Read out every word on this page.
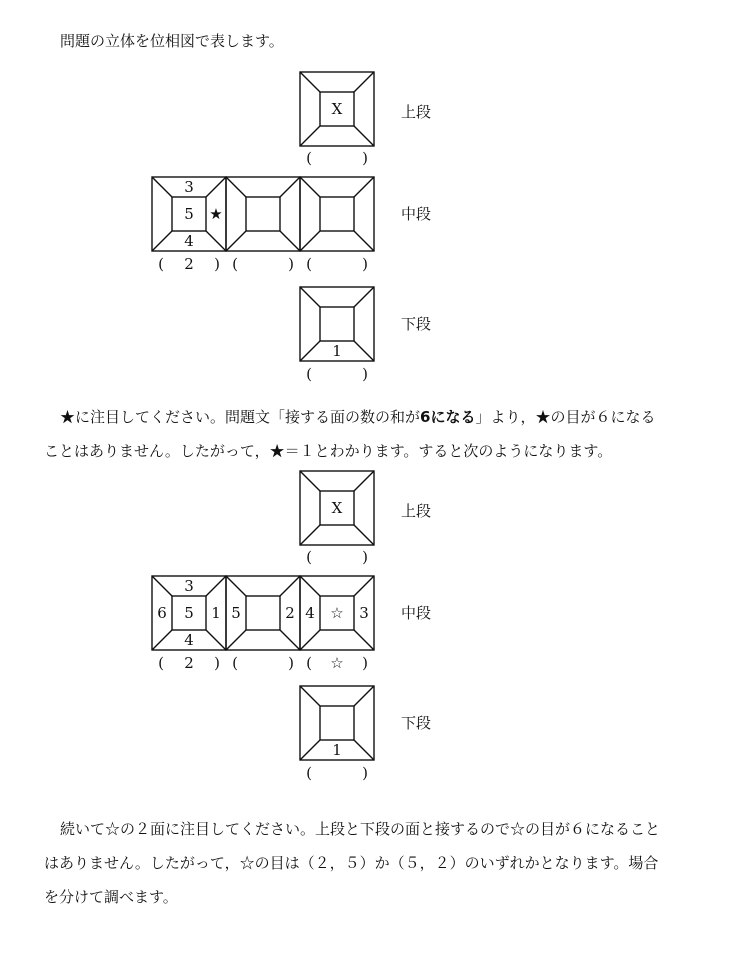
問題の立体を位相図で表します。

X
(	)
上段
3
5
4
★
(	)
2	(	) (	)
中段
1
(	)
下段

★に注目してください。問題文「接する面の数の和が6になる」より，★の目が６になる

ことはありません。したがって，★＝１とわかります。すると次のようになります。

X
(	)
上段
3
5
4
6	1
(	)
2
5	2
(	)
☆
4	3
(	)
☆
中段
1
(	)
下段

続いて☆の２面に注目してください。上段と下段の面と接するので☆の目が６になること

はありません。したがって，☆の目は（２，５）か（５，２）のいずれかとなります。場合

を分けて調べます。
